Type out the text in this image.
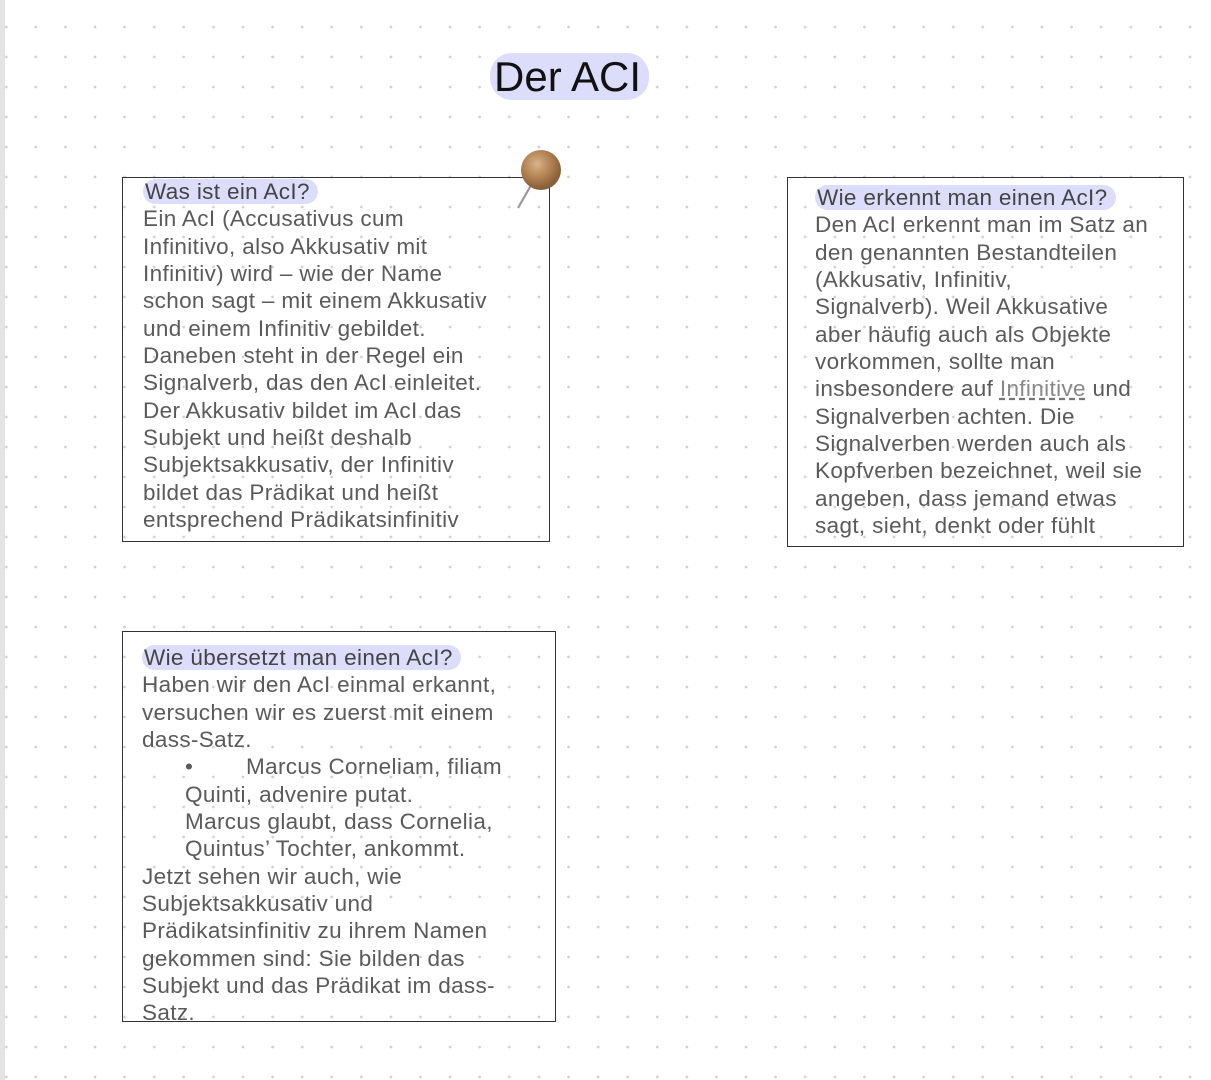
Der ACI
Was ist ein AcI?
Ein AcI (Accusativus cum
Infinitivo, also Akkusativ mit
Infinitiv) wird – wie der Name
schon sagt – mit einem Akkusativ
und einem Infinitiv gebildet.
Daneben steht in der Regel ein
Signalverb, das den AcI einleitet.
Der Akkusativ bildet im AcI das
Subjekt und heißt deshalb
Subjektsakkusativ, der Infinitiv
bildet das Prädikat und heißt
entsprechend Prädikatsinfinitiv
Wie erkennt man einen AcI?
Den AcI erkennt man im Satz an
den genannten Bestandteilen
(Akkusativ, Infinitiv,
Signalverb). Weil Akkusative
aber häufig auch als Objekte
vorkommen, sollte man
insbesondere auf Infinitive und
Signalverben achten. Die
Signalverben werden auch als
Kopfverben bezeichnet, weil sie
angeben, dass jemand etwas
sagt, sieht, denkt oder fühlt
Wie übersetzt man einen AcI?
Haben wir den AcI einmal erkannt,
versuchen wir es zuerst mit einem
dass-Satz.
• Marcus Corneliam, filiam
Quinti, advenire putat.
Marcus glaubt, dass Cornelia,
Quintus’ Tochter, ankommt.
Jetzt sehen wir auch, wie
Subjektsakkusativ und
Prädikatsinfinitiv zu ihrem Namen
gekommen sind: Sie bilden das
Subjekt und das Prädikat im dass-
Satz.
